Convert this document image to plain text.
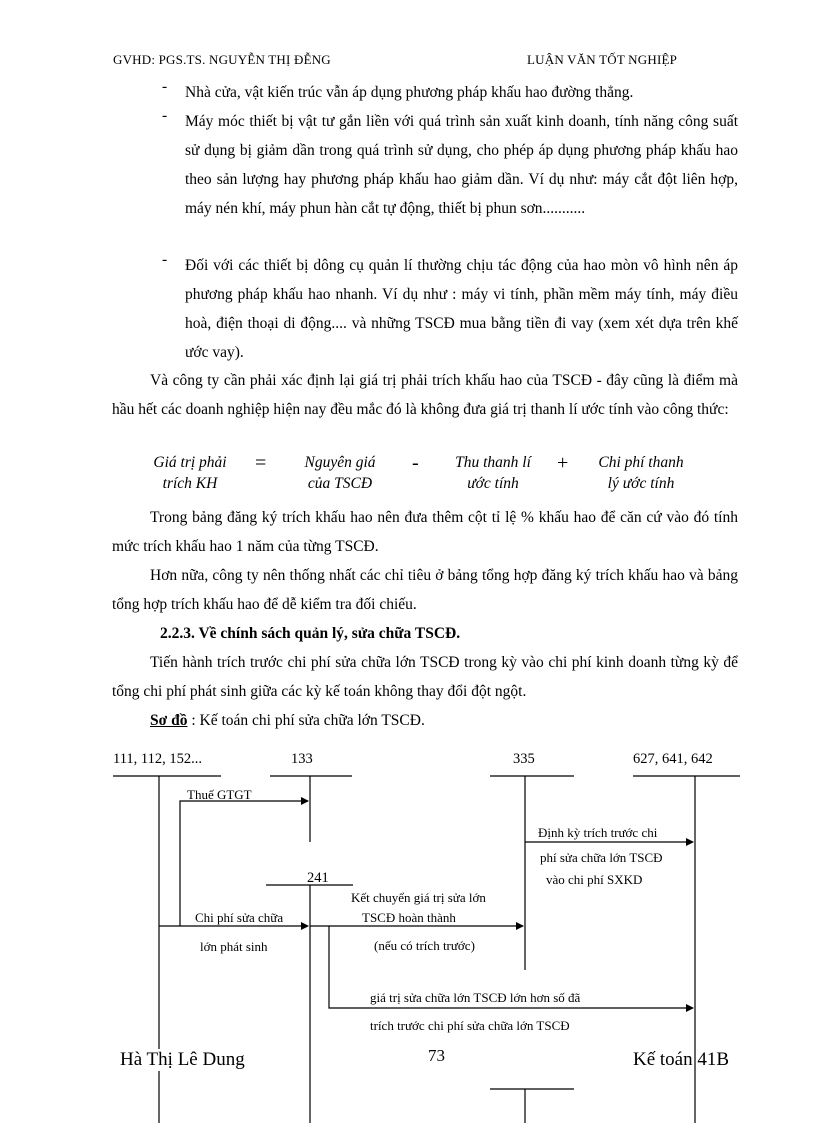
GVHD: PGS.TS. NGUYỄN THỊ ĐỄNG	LUẬN VĂN TỐT NGHIỆP
- Nhà cửa, vật kiến trúc vẫn áp dụng phương pháp khấu hao đường thẳng.
- Máy móc thiết bị vật tư gắn liền với quá trình sản xuất kinh doanh, tính năng công suất sử dụng bị giảm dần trong quá trình sử dụng, cho phép áp dụng phương pháp khấu hao theo sản lượng hay phương pháp khấu hao giảm dần. Ví dụ như: máy cắt đột liên hợp, máy nén khí, máy phun hàn cắt tự động, thiết bị phun sơn...........
- Đối với các thiết bị dông cụ quản lí thường chịu tác động của hao mòn vô hình nên áp phương pháp khấu hao nhanh. Ví dụ như : máy vi tính, phần mềm máy tính, máy điều hoà, điện thoại di động.... và những TSCĐ mua bằng tiền đi vay (xem xét dựa trên khế ước vay).
Và công ty cần phải xác định lại giá trị phải trích khấu hao của TSCĐ - đây cũng là điểm mà hầu hết các doanh nghiệp hiện nay đều mắc đó là không đưa giá trị thanh lí ước tính vào công thức:
Giá trị phải
trích KH
=	Nguyên giá
của TSCĐ
-	Thu thanh lí
ước tính
+	Chi phí thanh
lý ước tính
Trong bảng đăng ký trích khấu hao nên đưa thêm cột tỉ lệ % khấu hao để căn cứ vào đó tính mức trích khấu hao 1 năm của từng TSCĐ.
Hơn nữa, công ty nên thống nhất các chỉ tiêu ở bảng tổng hợp đăng ký trích khấu hao và bảng tổng hợp trích khấu hao để dễ kiểm tra đối chiếu.
2.2.3. Về chính sách quản lý, sửa chữa TSCĐ.
Tiến hành trích trước chi phí sửa chữa lớn TSCĐ trong kỳ vào chi phí kinh doanh từng kỳ để tổng chi phí phát sinh giữa các kỳ kế toán không thay đổi đột ngột.
Sơ đồ : Kế toán chi phí sửa chữa lớn TSCĐ.
111, 112, 152...	133	335	627, 641, 642
241
Thuế GTGT
Định kỳ trích trước chi
phí sửa chữa lớn TSCĐ
vào chi phí SXKD
Kết chuyển giá trị sửa lớn
TSCĐ hoàn thành
(nếu có trích trước)
Chi phí sửa chữa
lớn phát sinh
giá trị sửa chữa lớn TSCĐ lớn hơn số đã
trích trước chi phí sửa chữa lớn TSCĐ
Hà Thị Lê Dung	73	Kế toán 41B
